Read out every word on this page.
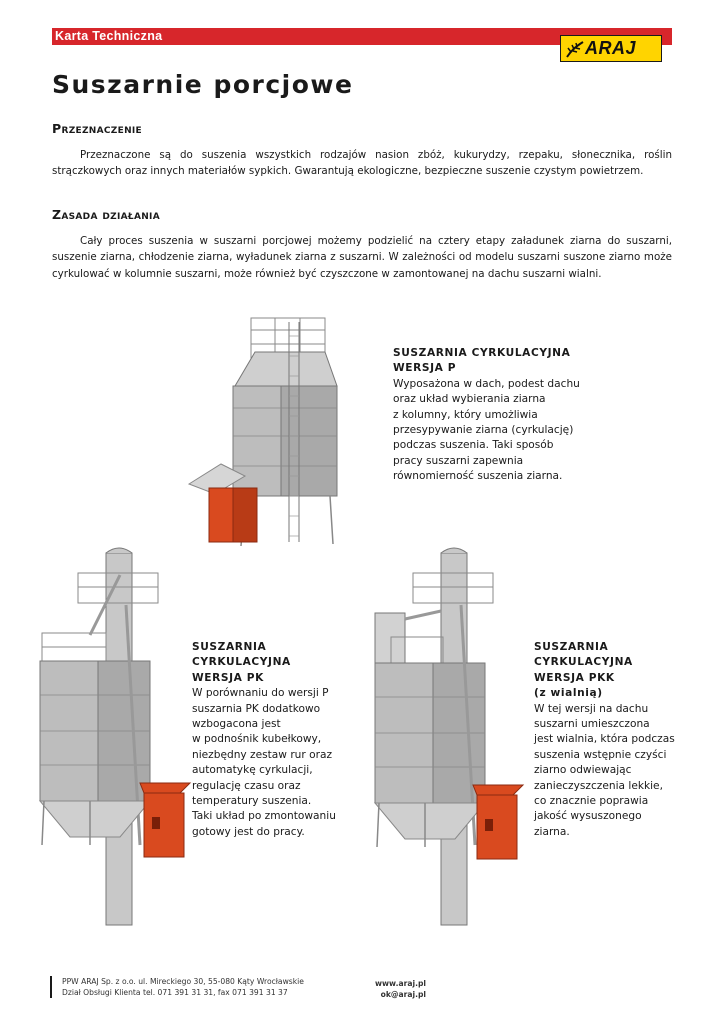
Karta Techniczna
ARAJ
Suszarnie porcjowe
Przeznaczenie

Przeznaczone są do suszenia wszystkich rodzajów nasion zbóż, kukurydzy, rzepaku, słonecznika, roślin strączkowych oraz innych materiałów sypkich. Gwarantują ekologiczne, bezpieczne suszenie czystym powietrzem.

Zasada działania

Cały proces suszenia w suszarni porcjowej możemy podzielić na cztery etapy załadunek ziarna do suszarni, suszenie ziarna, chłodzenie ziarna, wyładunek ziarna z suszarni. W zależności od modelu suszarni suszone ziarno może cyrkulować w kolumnie suszarni, może również być czyszczone w zamontowanej na dachu suszarni wialni.

SUSZARNIA CYRKULACYJNA
WERSJA P
Wyposażona w dach, podest dachu
oraz układ wybierania ziarna
z kolumny, który umożliwia
przesypywanie ziarna (cyrkulację)
podczas suszenia. Taki sposób
pracy suszarni zapewnia
równomierność suszenia ziarna.
SUSZARNIA
CYRKULACYJNA
WERSJA PK
W porównaniu do wersji P
suszarnia PK dodatkowo
wzbogacona jest
w podnośnik kubełkowy,
niezbędny zestaw rur oraz
automatykę cyrkulacji,
regulację czasu oraz
temperatury suszenia.
Taki układ po zmontowaniu
gotowy jest do pracy.
SUSZARNIA
CYRKULACYJNA
WERSJA PKK
(z wialnią)
W tej wersji na dachu
suszarni umieszczona
jest wialnia, która podczas
suszenia wstępnie czyści
ziarno odwiewając
zanieczyszczenia lekkie,
co znacznie poprawia
jakość wysuszonego
ziarna.
PPW ARAJ Sp. z o.o. ul. Mireckiego 30, 55-080 Kąty Wrocławskie
Dział Obsługi Klienta tel. 071 391 31 31, fax 071 391 31 37
www.araj.pl
ok@araj.pl
